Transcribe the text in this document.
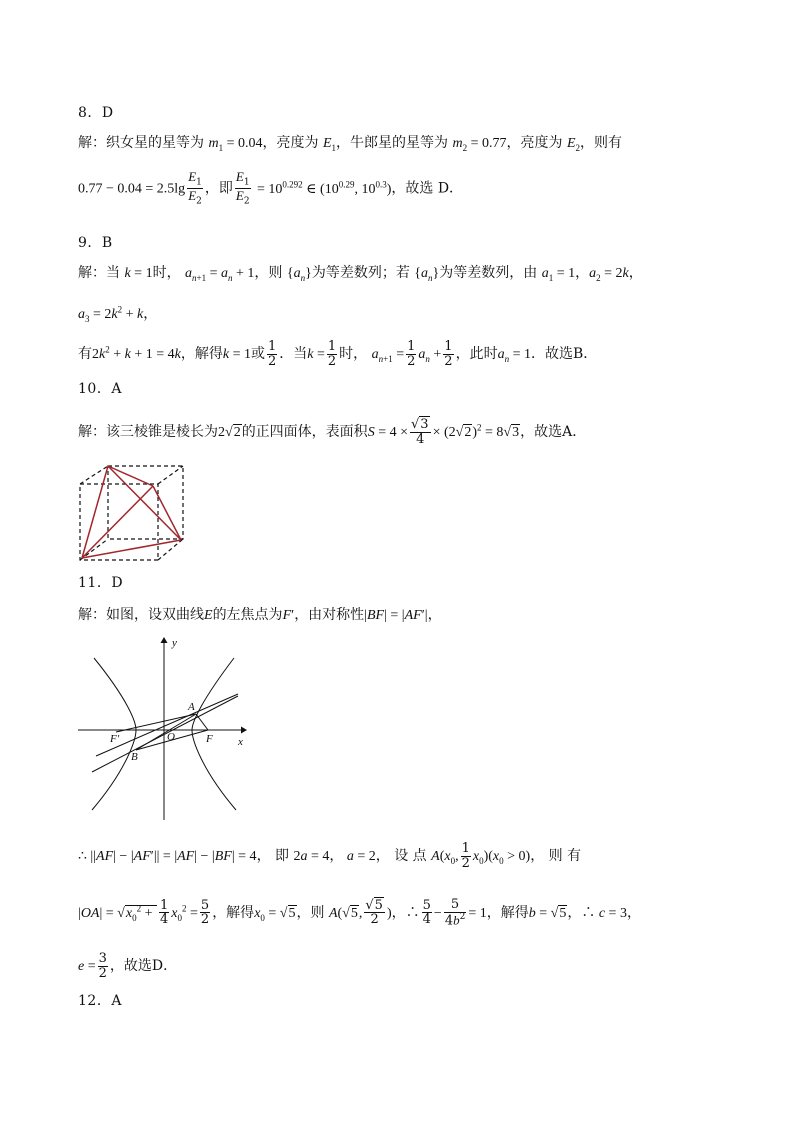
8．D
解：织女星的星等为 $m_1 = 0.04$，亮度为 $E_1$，牛郎星的星等为 $m_2 = 0.77$，亮度为 $E_2$，则有
$0.77 - 0.04 = 2.5\lg \frac{E_1}{E_2}$ ，即 $\frac{E_1}{E_2} = 10^{0.292}$ ∈ ($10^{0.29}$, $10^{0.3}$)，故选 D．
9．B
解：当 k = 1时， $a_{n+1} = a_n + 1$，则 $\{a_n\}$为等差数列；若 $\{a_n\}$为等差数列，由 $a_1 = 1$，$a_2 = 2k$，
$a_3 = 2k^2 + k$，
有$2k^2 + k + 1 = 4k$，解得k = 1或 $\frac{1}{2}$ ．当$k = \frac{1}{2}$ 时， $a_{n+1} = \frac{1}{2} a_n + \frac{1}{2}$ ，此时$a_n = 1$．故选B．
10．A
解：该三棱锥是棱长为2√2的正四面体，表面积$S = 4 \times \frac{√3}{4} \times (2√2)^2 = 8√3$，故选A．
11．D
解：如图，设双曲线E的左焦点为F′，由对称性|BF| = |AF′|，
y
x
A
B
O	F
F′
∴ ||AF| − |AF′|| = |AF| − |BF| = 4， 即 2a = 4， a = 2， 设 点 $A(x_0$, $\frac{1}{2} x_0)(x_0 > 0)$， 则 有
$|OA| = √x_0^2 + \frac{1}{4} x_0^2 = \frac{5}{2}$ ，解得$x_0 = √5$，则 A(√5, $\frac{√5}{2}$ )，∴ $\frac{5}{4} - \frac{5}{4b^2} = 1$，解得b = √5，∴ c = 3，
$e = \frac{3}{2}$ ，故选D．
12．A
